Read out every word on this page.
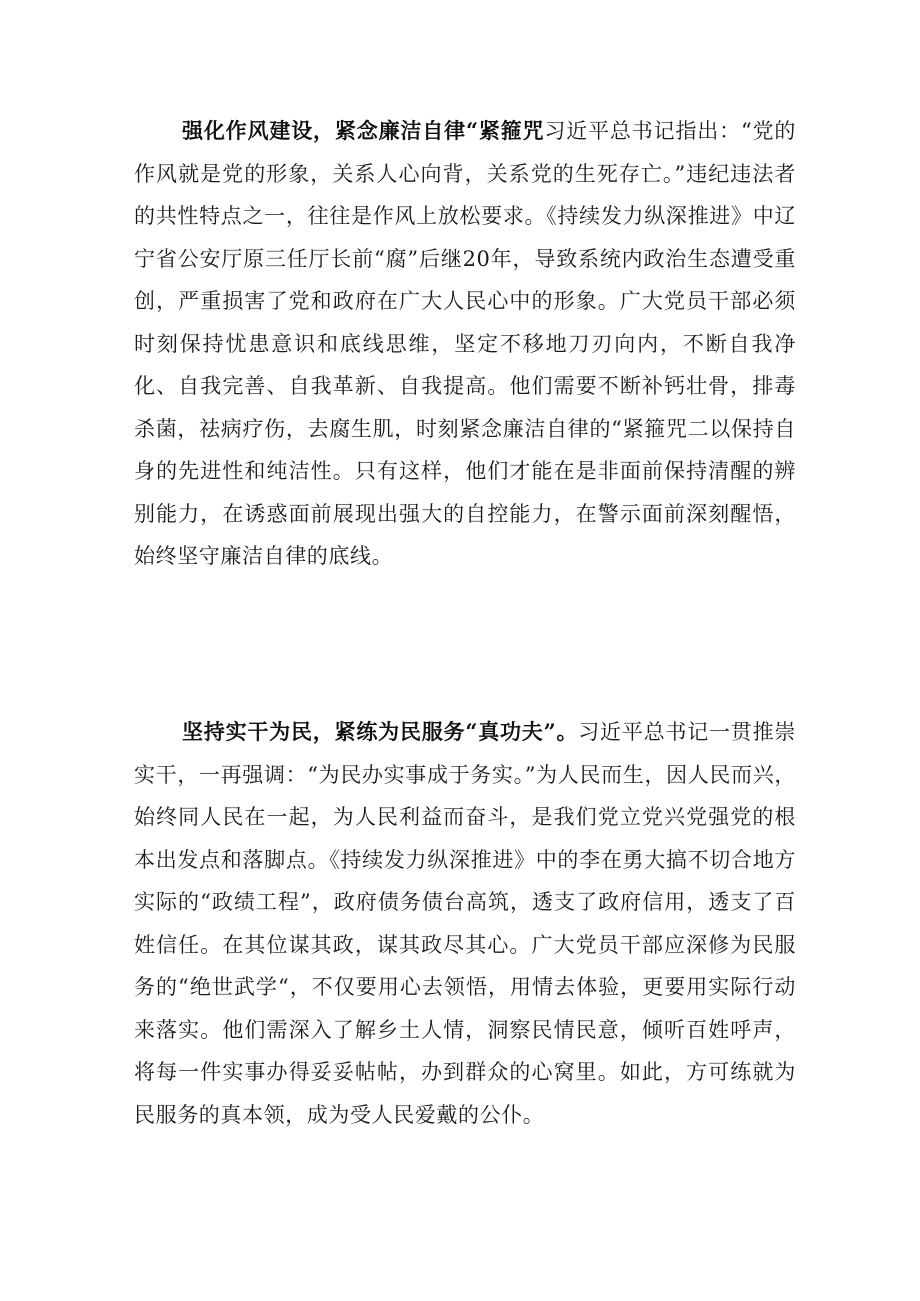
强化作风建设，紧念廉洁自律“紧箍咒习近平总书记指出：“党的作风就是党的形象，关系人心向背，关系党的生死存亡。”违纪违法者的共性特点之一，往往是作风上放松要求。《持续发力纵深推进》中辽宁省公安厅原三任厅长前“腐”后继20年，导致系统内政治生态遭受重创，严重损害了党和政府在广大人民心中的形象。广大党员干部必须时刻保持忧患意识和底线思维，坚定不移地刀刃向内，不断自我净化、自我完善、自我革新、自我提高。他们需要不断补钙壮骨，排毒杀菌，祛病疗伤，去腐生肌，时刻紧念廉洁自律的“紧箍咒二以保持自身的先进性和纯洁性。只有这样，他们才能在是非面前保持清醒的辨别能力，在诱惑面前展现出强大的自控能力，在警示面前深刻醒悟，始终坚守廉洁自律的底线。

坚持实干为民，紧练为民服务“真功夫”。习近平总书记一贯推崇实干，一再强调：“为民办实事成于务实。”为人民而生，因人民而兴，始终同人民在一起，为人民利益而奋斗，是我们党立党兴党强党的根本出发点和落脚点。《持续发力纵深推进》中的李在勇大搞不切合地方实际的“政绩工程”，政府债务债台高筑，透支了政府信用，透支了百姓信任。在其位谋其政，谋其政尽其心。广大党员干部应深修为民服务的“绝世武学“，不仅要用心去领悟，用情去体验，更要用实际行动来落实。他们需深入了解乡土人情，洞察民情民意，倾听百姓呼声，将每一件实事办得妥妥帖帖，办到群众的心窝里。如此，方可练就为民服务的真本领，成为受人民爱戴的公仆。
